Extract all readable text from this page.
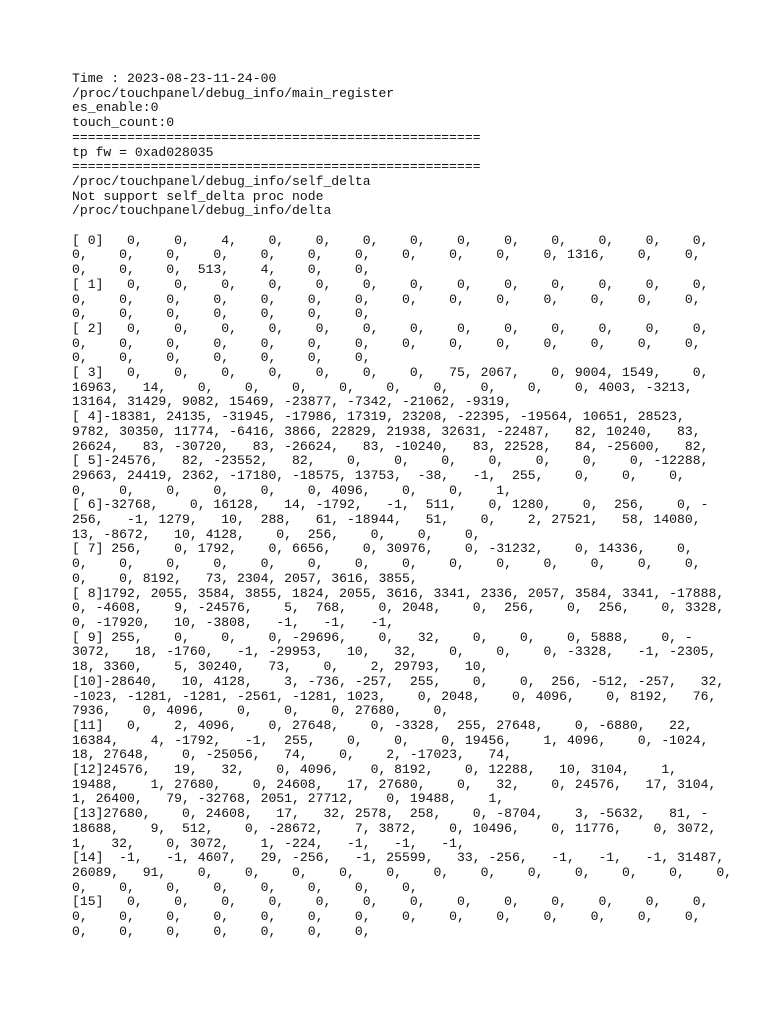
Time : 2023-08-23-11-24-00
/proc/touchpanel/debug_info/main_register
es_enable:0
touch_count:0
====================================================
tp fw = 0xad028035
====================================================
/proc/touchpanel/debug_info/self_delta
Not support self_delta proc node
/proc/touchpanel/debug_info/delta
[ 0]   0,    0,    4,    0,    0,    0,    0,    0,    0,    0,    0,    0,    0,
0,    0,    0,    0,    0,    0,    0,    0,    0,    0,    0, 1316,    0,    0,
0,    0,    0,  513,    4,    0,    0,
[ 1]   0,    0,    0,    0,    0,    0,    0,    0,    0,    0,    0,    0,    0,
0,    0,    0,    0,    0,    0,    0,    0,    0,    0,    0,    0,    0,    0,
0,    0,    0,    0,    0,    0,    0,
[ 2]   0,    0,    0,    0,    0,    0,    0,    0,    0,    0,    0,    0,    0,
0,    0,    0,    0,    0,    0,    0,    0,    0,    0,    0,    0,    0,    0,
0,    0,    0,    0,    0,    0,    0,
[ 3]   0,    0,    0,    0,    0,    0,    0,   75, 2067,    0, 9004, 1549,    0,
16963,   14,    0,    0,    0,    0,    0,    0,    0,    0,    0, 4003, -3213,
13164, 31429, 9082, 15469, -23877, -7342, -21062, -9319,
[ 4]-18381, 24135, -31945, -17986, 17319, 23208, -22395, -19564, 10651, 28523,
9782, 30350, 11774, -6416, 3866, 22829, 21938, 32631, -22487,   82, 10240,   83,
26624,   83, -30720,   83, -26624,   83, -10240,   83, 22528,   84, -25600,   82,
[ 5]-24576,   82, -23552,   82,    0,    0,    0,    0,    0,    0,    0, -12288,
29663, 24419, 2362, -17180, -18575, 13753,  -38,   -1,  255,    0,    0,    0,
0,    0,    0,    0,    0,    0, 4096,    0,    0,    1,
[ 6]-32768,    0, 16128,   14, -1792,   -1,  511,    0, 1280,    0,  256,    0, -
256,   -1, 1279,   10,  288,   61, -18944,   51,    0,    2, 27521,   58, 14080,
13, -8672,   10, 4128,    0,  256,    0,    0,    0,
[ 7] 256,    0, 1792,    0, 6656,    0, 30976,    0, -31232,    0, 14336,    0,
0,    0,    0,    0,    0,    0,    0,    0,    0,    0,    0,    0,    0,    0,
0,    0, 8192,   73, 2304, 2057, 3616, 3855,
[ 8]1792, 2055, 3584, 3855, 1824, 2055, 3616, 3341, 2336, 2057, 3584, 3341, -17888,
0, -4608,    9, -24576,    5,  768,    0, 2048,    0,  256,    0,  256,    0, 3328,
0, -17920,   10, -3808,   -1,   -1,   -1,
[ 9] 255,    0,    0,    0, -29696,    0,   32,    0,    0,    0, 5888,    0, -
3072,   18, -1760,   -1, -29953,   10,   32,    0,    0,    0, -3328,   -1, -2305,
18, 3360,    5, 30240,   73,    0,    2, 29793,   10,
[10]-28640,   10, 4128,    3, -736, -257,  255,    0,    0,  256, -512, -257,   32,
-1023, -1281, -1281, -2561, -1281, 1023,    0, 2048,    0, 4096,    0, 8192,   76,
7936,    0, 4096,    0,    0,    0, 27680,    0,
[11]   0,    2, 4096,    0, 27648,    0, -3328,  255, 27648,    0, -6880,   22,
16384,    4, -1792,   -1,  255,    0,    0,    0, 19456,    1, 4096,    0, -1024,
18, 27648,    0, -25056,   74,    0,    2, -17023,   74,
[12]24576,   19,   32,    0, 4096,    0, 8192,    0, 12288,   10, 3104,    1,
19488,    1, 27680,    0, 24608,   17, 27680,    0,   32,    0, 24576,   17, 3104,
1, 26400,   79, -32768, 2051, 27712,    0, 19488,    1,
[13]27680,    0, 24608,   17,   32, 2578,  258,    0, -8704,    3, -5632,   81, -
18688,    9,  512,    0, -28672,    7, 3872,    0, 10496,    0, 11776,    0, 3072,
1,   32,    0, 3072,    1, -224,   -1,   -1,   -1,
[14]  -1,   -1, 4607,   29, -256,   -1, 25599,   33, -256,   -1,   -1,   -1, 31487,
26089,   91,    0,    0,    0,    0,    0,    0,    0,    0,    0,    0,    0,    0,
0,    0,    0,    0,    0,    0,    0,    0,
[15]   0,    0,    0,    0,    0,    0,    0,    0,    0,    0,    0,    0,    0,
0,    0,    0,    0,    0,    0,    0,    0,    0,    0,    0,    0,    0,    0,
0,    0,    0,    0,    0,    0,    0,
